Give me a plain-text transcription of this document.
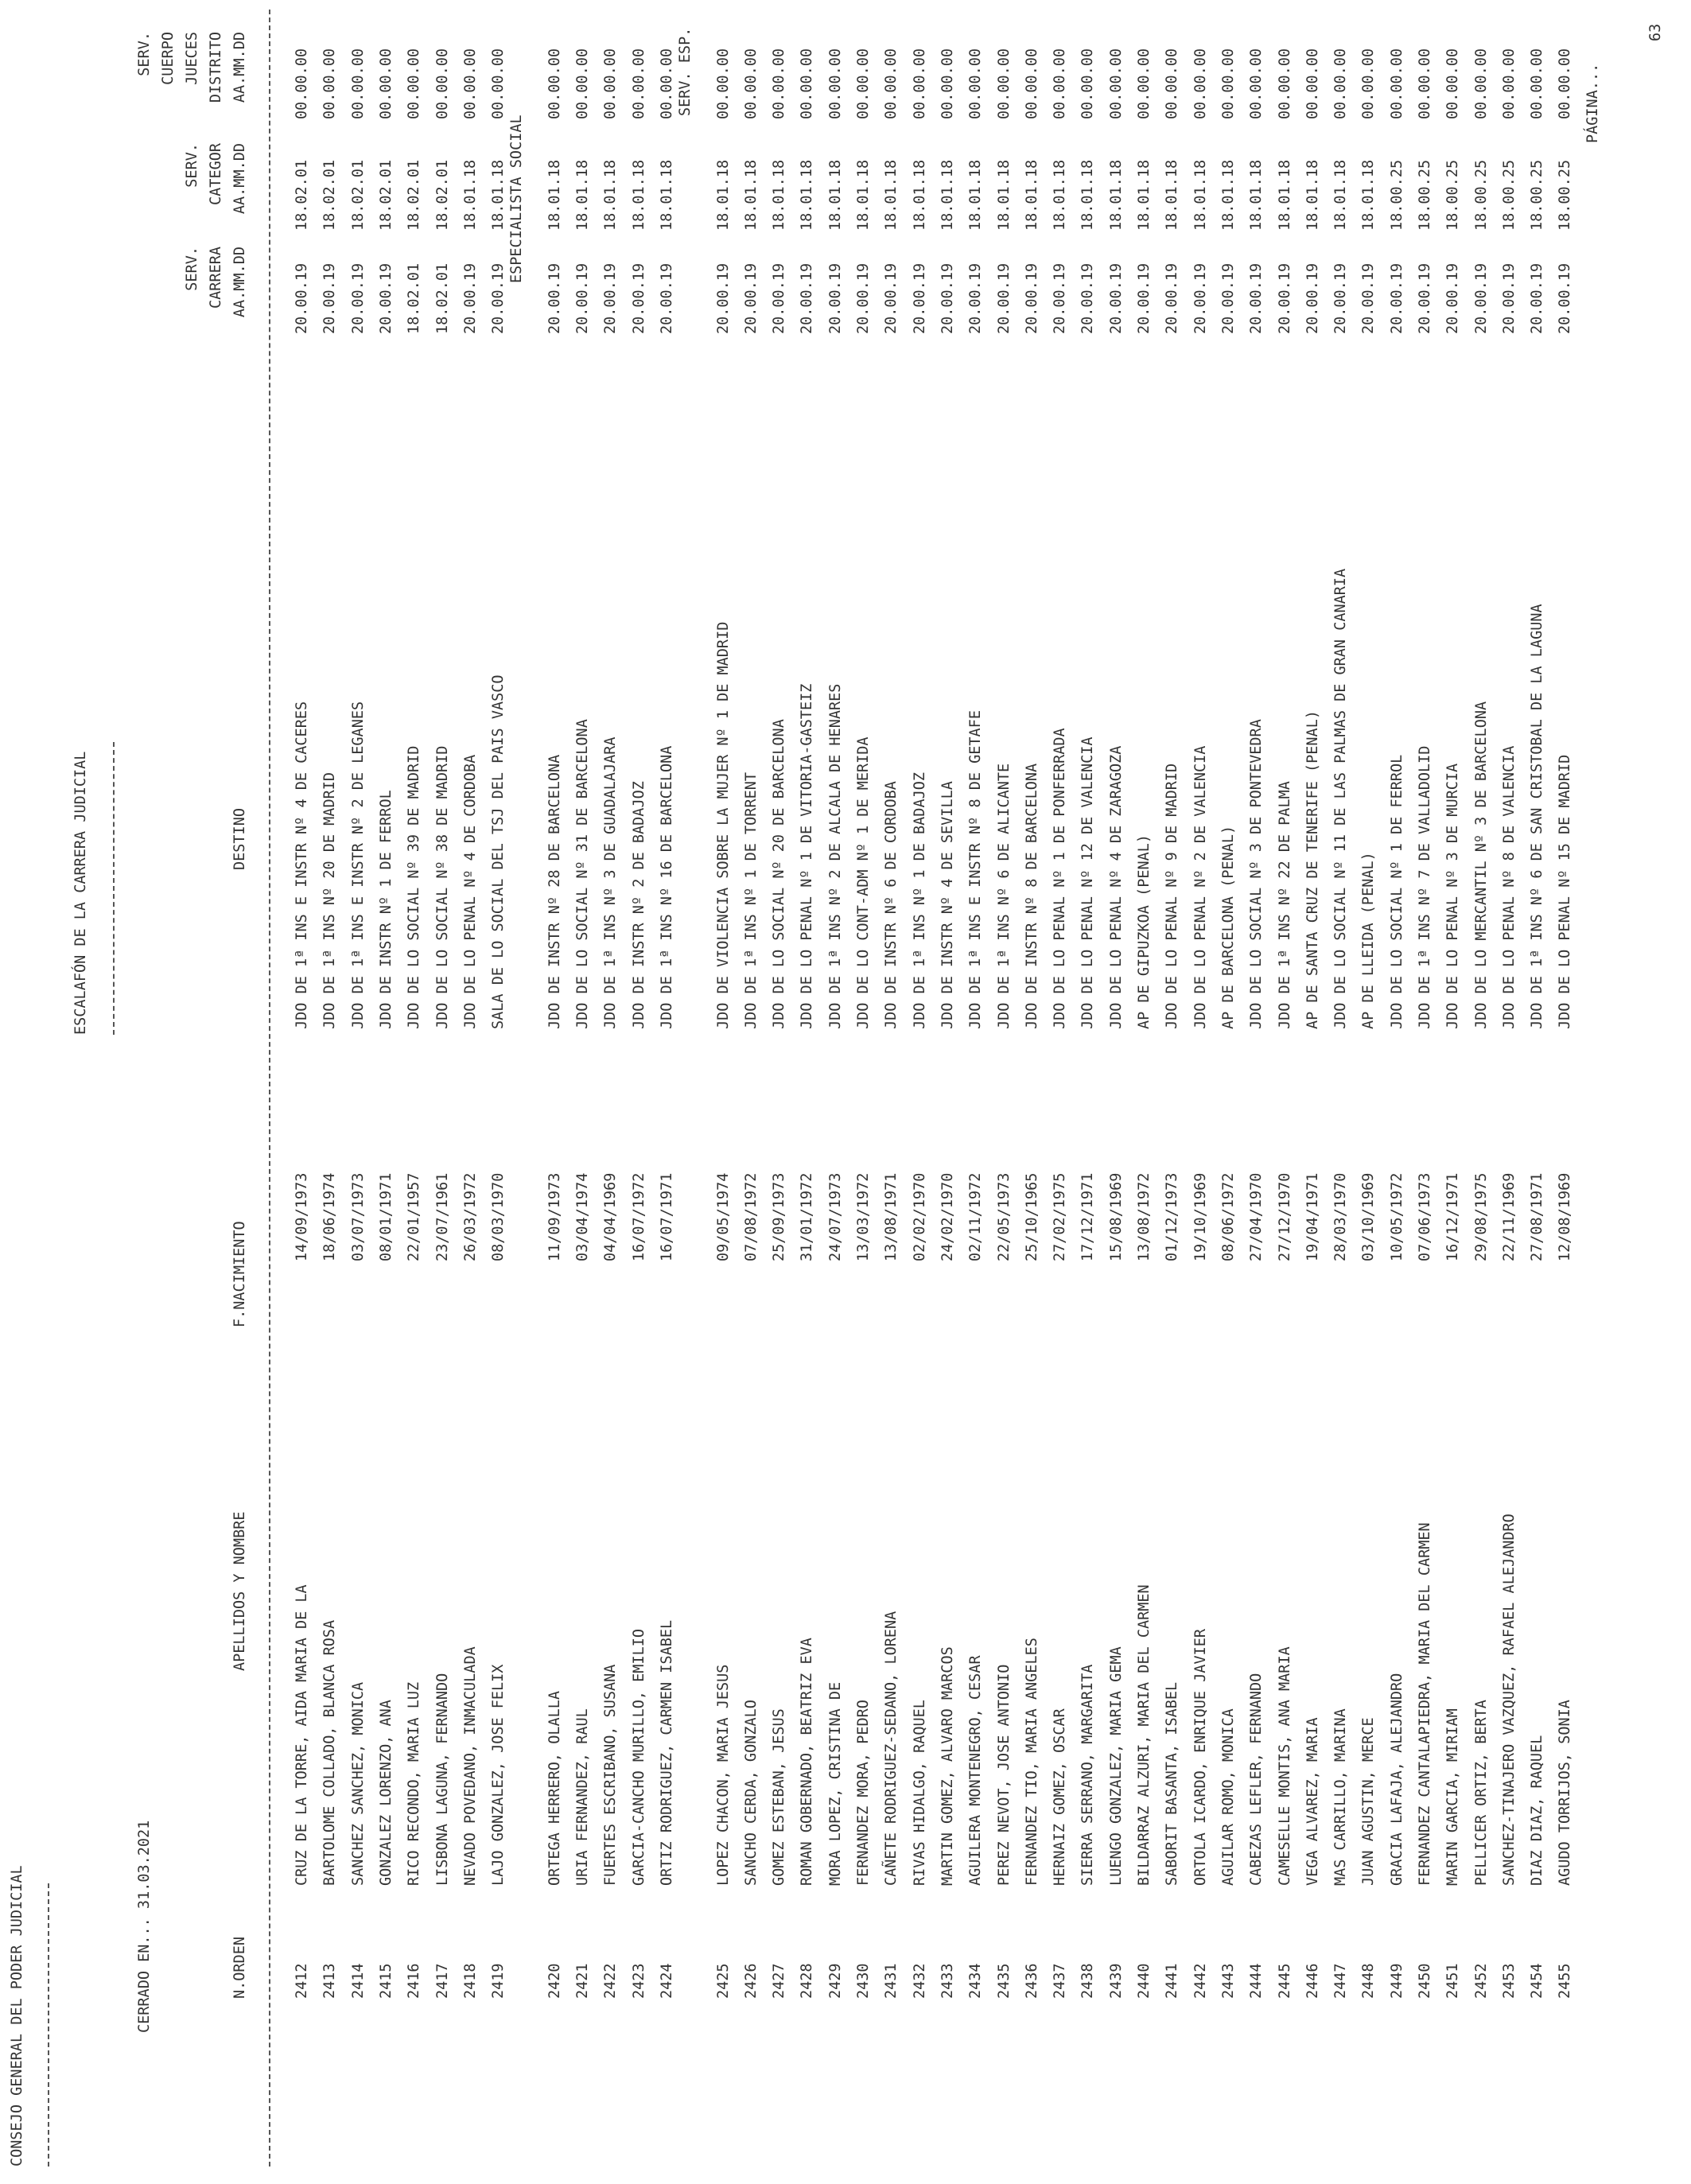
CONSEJO GENERAL DEL PODER JUDICIAL	CERRADO EN... 31.03.2021
ESCALAFÓN DE LA CARRERA JUDICIAL
PÁGINA...
63
N.ORDEN
APELLIDOS Y NOMBRE
F.NACIMIENTO
DESTINO
SERV. CARRERA AA.MM.DD
SERV. CATEGOR AA.MM.DD
SERV. CUERPO JUECES DISTRITO AA.MM.DD
ESPECIALISTA SOCIAL
SERV. ESP.
2412
CRUZ DE LA TORRE, AIDA MARIA DE LA
14/09/1973
JDO DE 1ª INS E INSTR Nº 4 DE CACERES
2413
BARTOLOME COLLADO, BLANCA ROSA
18/06/1974
JDO DE 1ª INS Nº 20 DE MADRID
2414
SANCHEZ SANCHEZ, MONICA
03/07/1973
JDO DE 1ª INS E INSTR Nº 2 DE LEGANES
2415
GONZALEZ LORENZO, ANA
08/01/1971
JDO DE INSTR Nº 1 DE FERROL
2416
RICO RECONDO, MARIA LUZ
22/01/1957
JDO DE LO SOCIAL Nº 39 DE MADRID
2417
LISBONA LAGUNA, FERNANDO
23/07/1961
JDO DE LO SOCIAL Nº 38 DE MADRID
2418
NEVADO POVEDANO, INMACULADA
26/03/1972
JDO DE LO PENAL Nº 4 DE CORDOBA
2419
LAJO GONZALEZ, JOSE FELIX
08/03/1970
SALA DE LO SOCIAL DEL TSJ DEL PAIS VASCO
2420
ORTEGA HERRERO, OLALLA
11/09/1973
JDO DE INSTR Nº 28 DE BARCELONA
2421
URIA FERNANDEZ, RAUL
03/04/1974
JDO DE LO SOCIAL Nº 31 DE BARCELONA
2422
FUERTES ESCRIBANO, SUSANA
04/04/1969
JDO DE 1ª INS Nº 3 DE GUADALAJARA
2423
GARCIA-CANCHO MURILLO, EMILIO
16/07/1972
JDO DE INSTR Nº 2 DE BADAJOZ
2424
ORTIZ RODRIGUEZ, CARMEN ISABEL
16/07/1971
JDO DE 1ª INS Nº 16 DE BARCELONA
2425
LOPEZ CHACON, MARIA JESUS
09/05/1974
JDO DE VIOLENCIA SOBRE LA MUJER Nº 1 DE MADRID
2426
SANCHO CERDA, GONZALO
07/08/1972
JDO DE 1ª INS Nº 1 DE TORRENT
2427
GOMEZ ESTEBAN, JESUS
25/09/1973
JDO DE LO SOCIAL Nº 20 DE BARCELONA
2428
ROMAN GOBERNADO, BEATRIZ EVA
31/01/1972
JDO DE LO PENAL Nº 1 DE VITORIA-GASTEIZ
2429
MORA LOPEZ, CRISTINA DE
24/07/1973
JDO DE 1ª INS Nº 2 DE ALCALA DE HENARES
2430
FERNANDEZ MORA, PEDRO
13/03/1972
JDO DE LO CONT-ADM Nº 1 DE MERIDA
2431
CAÑETE RODRIGUEZ-SEDANO, LORENA
13/08/1971
JDO DE INSTR Nº 6 DE CORDOBA
2432
RIVAS HIDALGO, RAQUEL
02/02/1970
JDO DE 1ª INS Nº 1 DE BADAJOZ
2433
MARTIN GOMEZ, ALVARO MARCOS
24/02/1970
JDO DE INSTR Nº 4 DE SEVILLA
2434
AGUILERA MONTENEGRO, CESAR
02/11/1972
JDO DE 1ª INS E INSTR Nº 8 DE GETAFE
2435
PEREZ NEVOT, JOSE ANTONIO
22/05/1973
JDO DE 1ª INS Nº 6 DE ALICANTE
2436
FERNANDEZ TIO, MARIA ANGELES
25/10/1965
JDO DE INSTR Nº 8 DE BARCELONA
2437
HERNAIZ GOMEZ, OSCAR
27/02/1975
JDO DE LO PENAL Nº 1 DE PONFERRADA
2438
SIERRA SERRANO, MARGARITA
17/12/1971
JDO DE LO PENAL Nº 12 DE VALENCIA
2439
LUENGO GONZALEZ, MARIA GEMA
15/08/1969
JDO DE LO PENAL Nº 4 DE ZARAGOZA
2440
BILDARRAZ ALZURI, MARIA DEL CARMEN
13/08/1972
AP DE GIPUZKOA (PENAL)
2441
SABORIT BASANTA, ISABEL
01/12/1973
JDO DE LO PENAL Nº 9 DE MADRID
2442
ORTOLA ICARDO, ENRIQUE JAVIER
19/10/1969
JDO DE LO PENAL Nº 2 DE VALENCIA
2443
AGUILAR ROMO, MONICA
08/06/1972
AP DE BARCELONA (PENAL)
2444
CABEZAS LEFLER, FERNANDO
27/04/1970
JDO DE LO SOCIAL Nº 3 DE PONTEVEDRA
2445
CAMESELLE MONTIS, ANA MARIA
27/12/1970
JDO DE 1ª INS Nº 22 DE PALMA
2446
VEGA ALVAREZ, MARIA
19/04/1971
AP DE SANTA CRUZ DE TENERIFE (PENAL)
2447
MAS CARRILLO, MARINA
28/03/1970
JDO DE LO SOCIAL Nº 11 DE LAS PALMAS DE GRAN CANARIA
2448
JUAN AGUSTIN, MERCE
03/10/1969
AP DE LLEIDA (PENAL)
2449
GRACIA LAFAJA, ALEJANDRO
10/05/1972
JDO DE LO SOCIAL Nº 1 DE FERROL
2450
FERNANDEZ CANTALAPIEDRA, MARIA DEL CARMEN
07/06/1973
JDO DE 1ª INS Nº 7 DE VALLADOLID
2451
MARIN GARCIA, MIRIAM
16/12/1971
JDO DE LO PENAL Nº 3 DE MURCIA
2452
PELLICER ORTIZ, BERTA
29/08/1975
JDO DE LO MERCANTIL Nº 3 DE BARCELONA
2453
SANCHEZ-TINAJERO VAZQUEZ, RAFAEL ALEJANDRO
22/11/1969
JDO DE LO PENAL Nº 8 DE VALENCIA
2454
DIAZ DIAZ, RAQUEL
27/08/1971
JDO DE 1ª INS Nº 6 DE SAN CRISTOBAL DE LA LAGUNA
2455
AGUDO TORRIJOS, SONIA
12/08/1969
JDO DE LO PENAL Nº 15 DE MADRID
20.00.19
18.02.01
00.00.00
20.00.19
18.02.01
00.00.00
20.00.19
18.02.01
00.00.00
20.00.19
18.02.01
00.00.00
18.02.01
18.02.01
00.00.00
18.02.01
18.02.01
00.00.00
20.00.19
18.01.18
00.00.00
20.00.19
18.01.18
00.00.00
20.00.19
18.01.18
00.00.00
20.00.19
18.01.18
00.00.00
20.00.19
18.01.18
00.00.00
20.00.19
18.01.18
00.00.00
20.00.19
18.01.18
00.00.00
20.00.19
18.01.18
00.00.00
20.00.19
18.01.18
00.00.00
20.00.19
18.01.18
00.00.00
20.00.19
18.01.18
00.00.00
20.00.19
18.01.18
00.00.00
20.00.19
18.01.18
00.00.00
20.00.19
18.01.18
00.00.00
20.00.19
18.01.18
00.00.00
20.00.19
18.01.18
00.00.00
20.00.19
18.01.18
00.00.00
20.00.19
18.01.18
00.00.00
20.00.19
18.01.18
00.00.00
20.00.19
18.01.18
00.00.00
20.00.19
18.01.18
00.00.00
20.00.19
18.01.18
00.00.00
20.00.19
18.01.18
00.00.00
20.00.19
18.01.18
00.00.00
20.00.19
18.01.18
00.00.00
20.00.19
18.01.18
00.00.00
20.00.19
18.01.18
00.00.00
20.00.19
18.01.18
00.00.00
20.00.19
18.01.18
00.00.00
20.00.19
18.01.18
00.00.00
20.00.19
18.01.18
00.00.00
20.00.19
18.00.25
00.00.00
20.00.19
18.00.25
00.00.00
20.00.19
18.00.25
00.00.00
20.00.19
18.00.25
00.00.00
20.00.19
18.00.25
00.00.00
20.00.19
18.00.25
00.00.00
20.00.19
18.00.25
00.00.00
